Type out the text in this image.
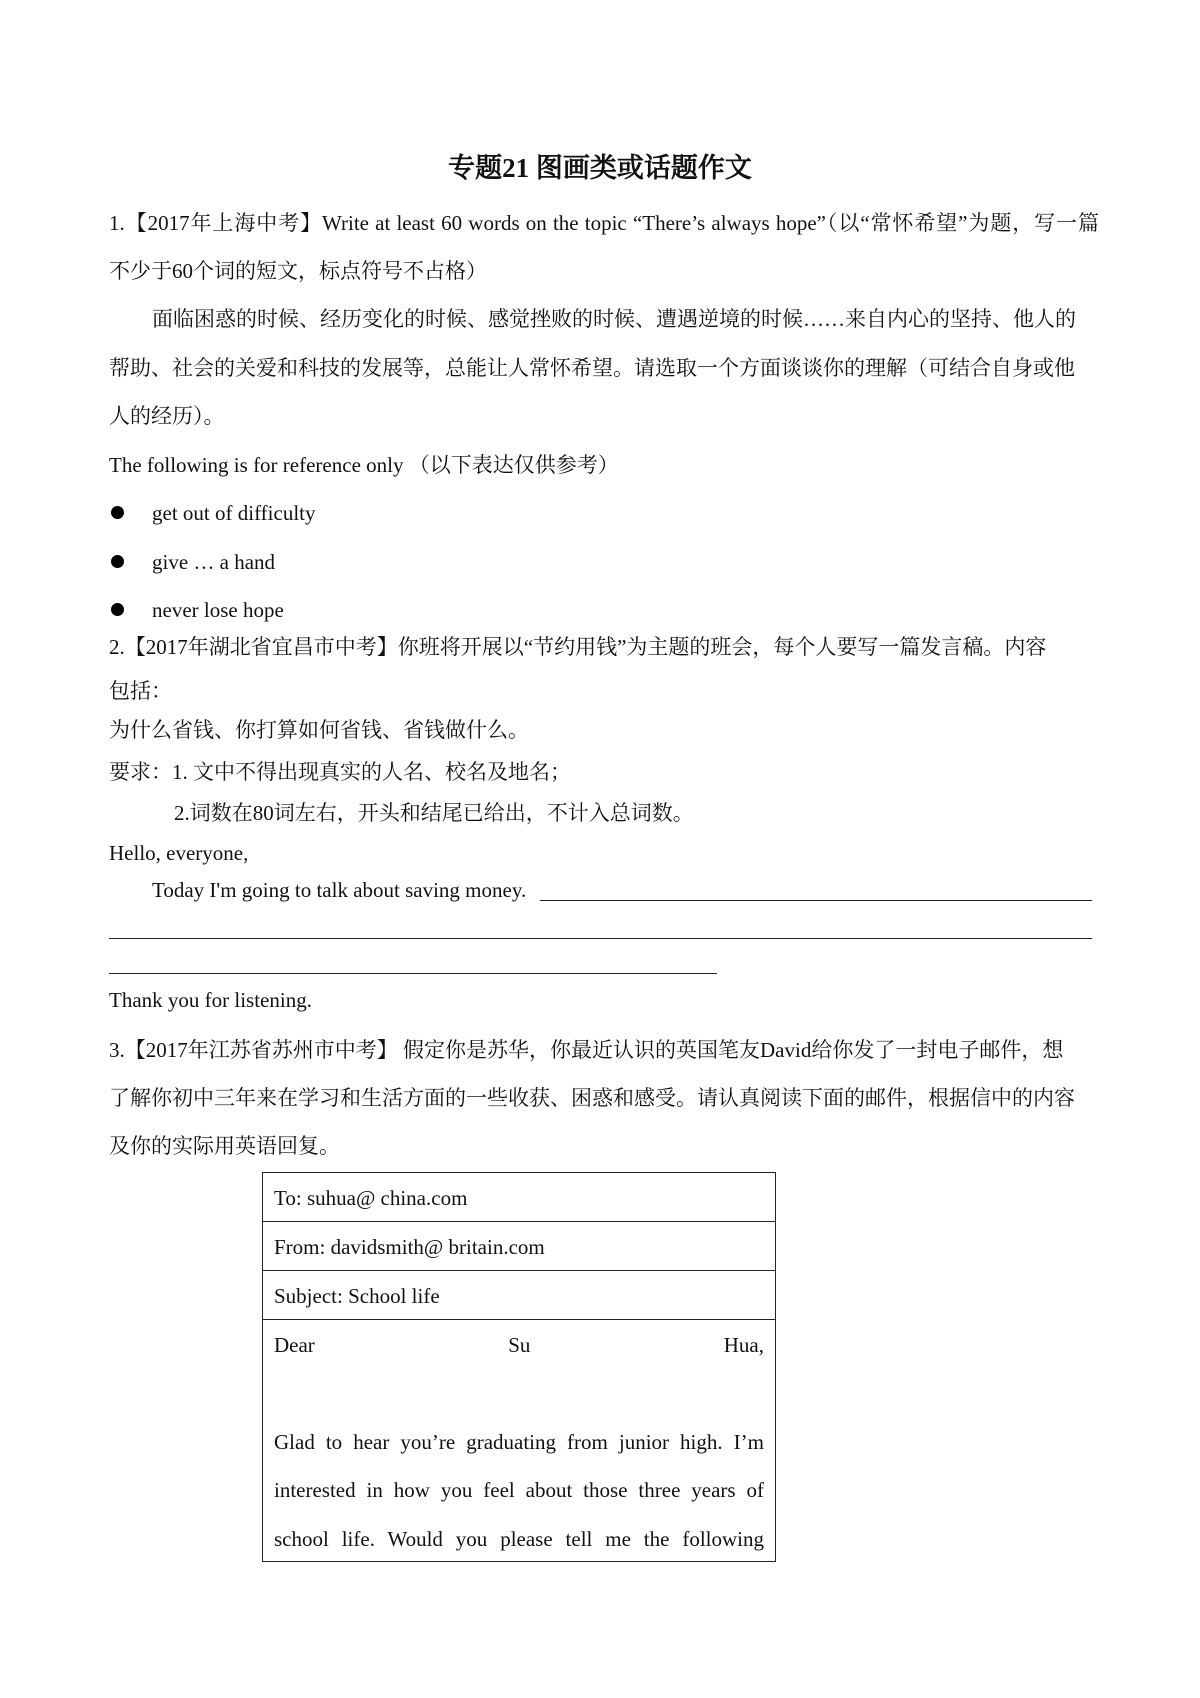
专题21 图画类或话题作文
1.【2017年上海中考】Write at least 60 words on the topic “There’s always hope”（以“常怀希望”为题，写一篇
不少于60个词的短文，标点符号不占格）
面临困惑的时候、经历变化的时候、感觉挫败的时候、遭遇逆境的时候……来自内心的坚持、他人的
帮助、社会的关爱和科技的发展等，总能让人常怀希望。请选取一个方面谈谈你的理解（可结合自身或他
人的经历）。
The following is for reference only （以下表达仅供参考）
get out of difficulty
give … a hand
never lose hope
2.【2017年湖北省宜昌市中考】你班将开展以“节约用钱”为主题的班会，每个人要写一篇发言稿。内容
包括：
为什么省钱、你打算如何省钱、省钱做什么。
要求：1. 文中不得出现真实的人名、校名及地名；
2.词数在80词左右，开头和结尾已给出，不计入总词数。
Hello, everyone,
Today I'm going to talk about saving money.
Thank you for listening.
3.【2017年江苏省苏州市中考】 假定你是苏华，你最近认识的英国笔友David给你发了一封电子邮件，想
了解你初中三年来在学习和生活方面的一些收获、困惑和感受。请认真阅读下面的邮件，根据信中的内容
及你的实际用英语回复。
To: suhua@ china.com
From: davidsmith@ britain.com
Subject: School life
Dear Su Hua,
Glad to hear you’re graduating from junior high. I’m
interested in how you feel about those three years of
school life. Would you please tell me the following
